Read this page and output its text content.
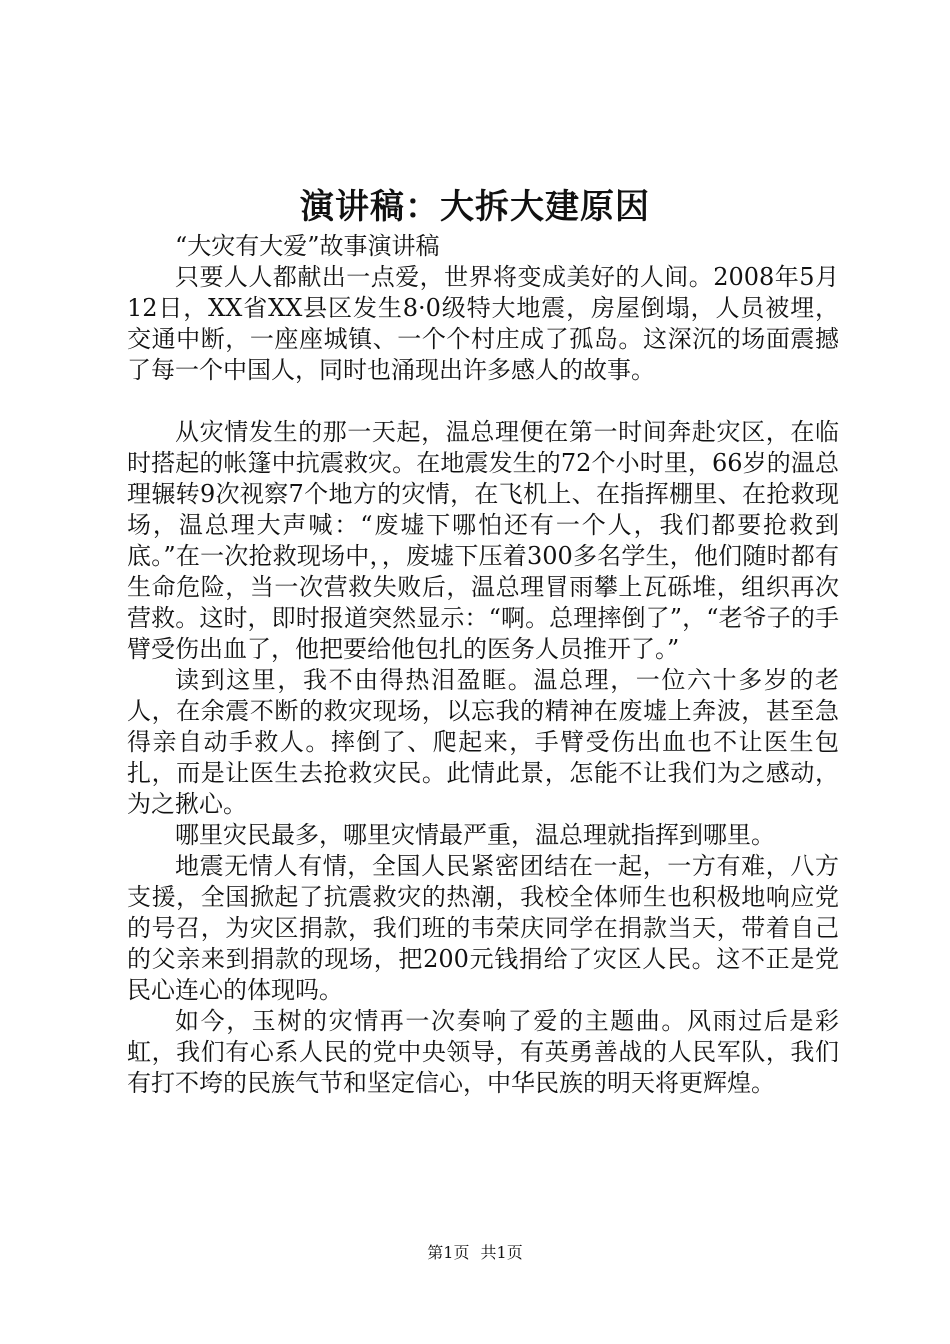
演讲稿：大拆大建原因

“大灾有大爱”故事演讲稿

只要人人都献出一点爱，世界将变成美好的人间。2008年5月12日，XX省XX县区发生8·0级特大地震，房屋倒塌，人员被埋，交通中断，一座座城镇、一个个村庄成了孤岛。这深沉的场面震撼了每一个中国人，同时也涌现出许多感人的故事。

从灾情发生的那一天起，温总理便在第一时间奔赴灾区，在临时搭起的帐篷中抗震救灾。在地震发生的72个小时里，66岁的温总理辗转9次视察7个地方的灾情，在飞机上、在指挥棚里、在抢救现场，温总理大声喊：“废墟下哪怕还有一个人，我们都要抢救到底。”在一次抢救现场中，，废墟下压着300多名学生，他们随时都有生命危险，当一次营救失败后，温总理冒雨攀上瓦砾堆，组织再次营救。这时，即时报道突然显示：“啊。总理摔倒了”，“老爷子的手臂受伤出血了，他把要给他包扎的医务人员推开了。”

读到这里，我不由得热泪盈眶。温总理，一位六十多岁的老人，在余震不断的救灾现场，以忘我的精神在废墟上奔波，甚至急得亲自动手救人。摔倒了、爬起来，手臂受伤出血也不让医生包扎，而是让医生去抢救灾民。此情此景，怎能不让我们为之感动，为之揪心。

哪里灾民最多，哪里灾情最严重，温总理就指挥到哪里。

地震无情人有情，全国人民紧密团结在一起，一方有难，八方支援，全国掀起了抗震救灾的热潮，我校全体师生也积极地响应党的号召，为灾区捐款，我们班的韦荣庆同学在捐款当天，带着自己的父亲来到捐款的现场，把200元钱捐给了灾区人民。这不正是党民心连心的体现吗。

如今，玉树的灾情再一次奏响了爱的主题曲。风雨过后是彩虹，我们有心系人民的党中央领导，有英勇善战的人民军队，我们有打不垮的民族气节和坚定信心，中华民族的明天将更辉煌。

第1页 共1页
